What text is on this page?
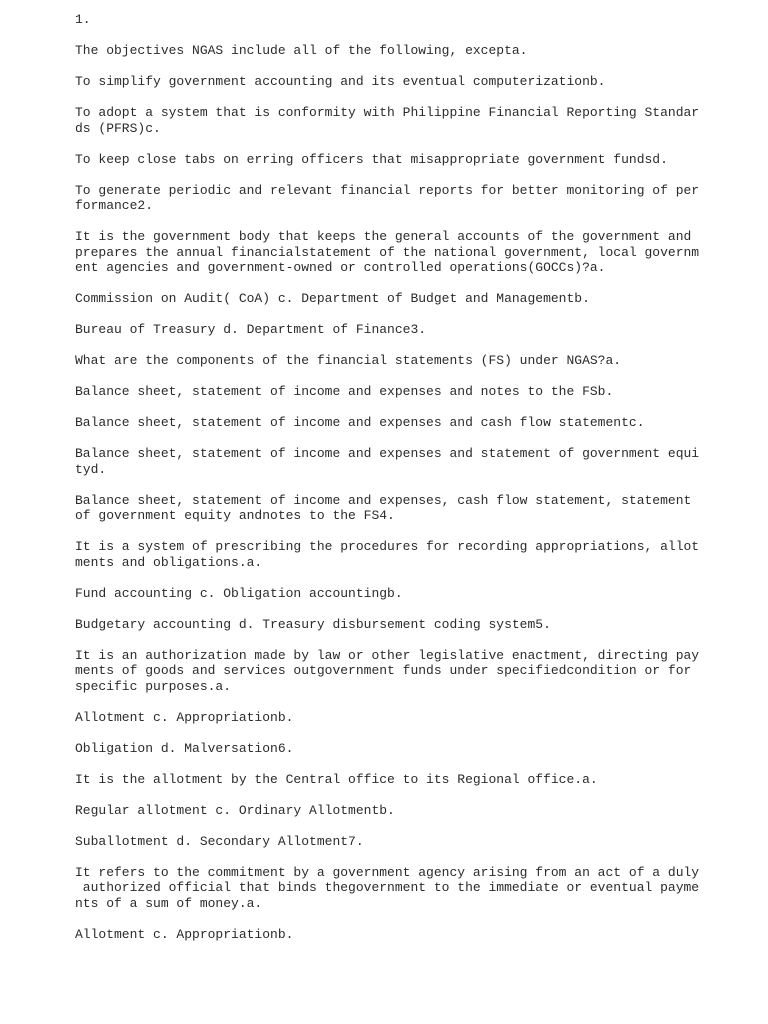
1.

The objectives NGAS include all of the following, excepta.

To simplify government accounting and its eventual computerizationb.

To adopt a system that is conformity with Philippine Financial Reporting Standar
ds (PFRS)c.

To keep close tabs on erring officers that misappropriate government fundsd.

To generate periodic and relevant financial reports for better monitoring of per
formance2.

It is the government body that keeps the general accounts of the government and
prepares the annual financialstatement of the national government, local governm
ent agencies and government-owned or controlled operations(GOCCs)?a.

Commission on Audit( CoA) c. Department of Budget and Managementb.

Bureau of Treasury d. Department of Finance3.

What are the components of the financial statements (FS) under NGAS?a.

Balance sheet, statement of income and expenses and notes to the FSb.

Balance sheet, statement of income and expenses and cash flow statementc.

Balance sheet, statement of income and expenses and statement of government equi
tyd.

Balance sheet, statement of income and expenses, cash flow statement, statement
of government equity andnotes to the FS4.

It is a system of prescribing the procedures for recording appropriations, allot
ments and obligations.a.

Fund accounting c. Obligation accountingb.

Budgetary accounting d. Treasury disbursement coding system5.

It is an authorization made by law or other legislative enactment, directing pay
ments of goods and services outgovernment funds under specifiedcondition or for
specific purposes.a.

Allotment c. Appropriationb.

Obligation d. Malversation6.

It is the allotment by the Central office to its Regional office.a.

Regular allotment c. Ordinary Allotmentb.

Suballotment d. Secondary Allotment7.

It refers to the commitment by a government agency arising from an act of a duly
authorized official that binds thegovernment to the immediate or eventual payme
nts of a sum of money.a.

Allotment c. Appropriationb.
